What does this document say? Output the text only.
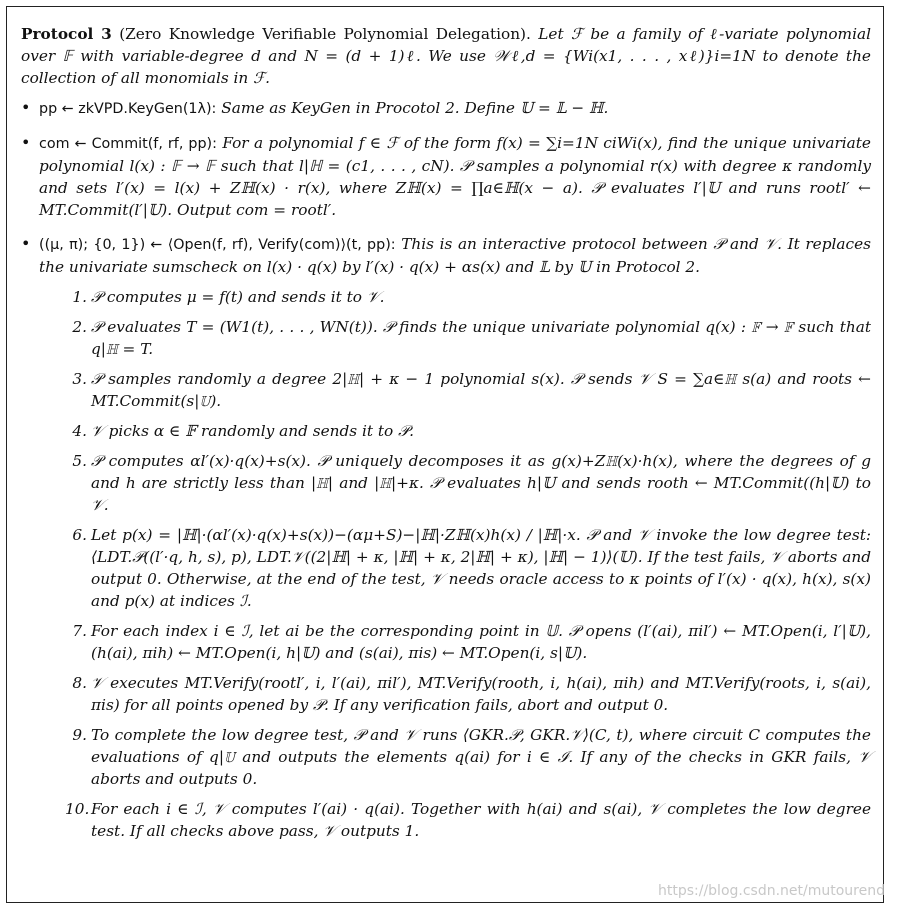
Protocol 3 (Zero Knowledge Verifiable Polynomial Delegation). Let ℱ be a family of ℓ-variate polynomial over 𝔽 with variable-degree d and N = (d + 1)ℓ. We use 𝒲ℓ,d = {Wi(x1, . . . , xℓ)}i=1N to denote the collection of all monomials in ℱ.

• pp ← zkVPD.KeyGen(1λ): Same as KeyGen in Procotol 2. Define 𝕌 = 𝕃 − ℍ.
• com ← Commit(f, rf, pp): For a polynomial f ∈ ℱ of the form f(x) = ∑i=1N ciWi(x), find the unique univariate polynomial l(x) : 𝔽 → 𝔽 such that l|ℍ = (c1, . . . , cN). 𝒫 samples a polynomial r(x) with degree κ randomly and sets l′(x) = l(x) + Zℍ(x) · r(x), where Zℍ(x) = ∏a∈ℍ(x − a). 𝒫 evaluates l′|𝕌 and runs rootl′ ← MT.Commit(l′|𝕌). Output com = rootl′.
• ((μ, π); {0, 1}) ← ⟨Open(f, rf), Verify(com)⟩(t, pp): This is an interactive protocol between 𝒫 and 𝒱. It replaces the univariate sumscheck on l(x) · q(x) by l′(x) · q(x) + αs(x) and 𝕃 by 𝕌 in Protocol 2.
1. 𝒫 computes μ = f(t) and sends it to 𝒱.
2. 𝒫 evaluates T = (W1(t), . . . , WN(t)). 𝒫 finds the unique univariate polynomial q(x) : 𝔽 → 𝔽 such that q|ℍ = T.
3. 𝒫 samples randomly a degree 2|ℍ| + κ − 1 polynomial s(x). 𝒫 sends 𝒱 S = ∑a∈ℍ s(a) and roots ← MT.Commit(s|𝕌).
4. 𝒱 picks α ∈ 𝔽 randomly and sends it to 𝒫.
5. 𝒫 computes αl′(x)·q(x)+s(x). 𝒫 uniquely decomposes it as g(x)+Zℍ(x)·h(x), where the degrees of g and h are strictly less than |ℍ| and |ℍ|+κ. 𝒫 evaluates h|𝕌 and sends rooth ← MT.Commit((h|𝕌) to 𝒱.
6. Let p(x) = |ℍ|·(αl′(x)·q(x)+s(x))−(αμ+S)−|ℍ|·Zℍ(x)h(x) / |ℍ|·x. 𝒫 and 𝒱 invoke the low degree test: ⟨LDT.𝒫((l′·q, h, s), p), LDT.𝒱((2|ℍ| + κ, |ℍ| + κ, 2|ℍ| + κ), |ℍ| − 1)⟩(𝕌). If the test fails, 𝒱 aborts and output 0. Otherwise, at the end of the test, 𝒱 needs oracle access to κ points of l′(x) · q(x), h(x), s(x) and p(x) at indices ℐ.
7. For each index i ∈ ℐ, let ai be the corresponding point in 𝕌. 𝒫 opens (l′(ai), πil′) ← MT.Open(i, l′|𝕌), (h(ai), πih) ← MT.Open(i, h|𝕌) and (s(ai), πis) ← MT.Open(i, s|𝕌).
8. 𝒱 executes MT.Verify(rootl′, i, l′(ai), πil′), MT.Verify(rooth, i, h(ai), πih) and MT.Verify(roots, i, s(ai), πis) for all points opened by 𝒫. If any verification fails, abort and output 0.
9. To complete the low degree test, 𝒫 and 𝒱 runs ⟨GKR.𝒫, GKR.𝒱⟩(C, t), where circuit C computes the evaluations of q|𝕌 and outputs the elements q(ai) for i ∈ ℐ. If any of the checks in GKR fails, 𝒱 aborts and outputs 0.
10. For each i ∈ ℐ, 𝒱 computes l′(ai) · q(ai). Together with h(ai) and s(ai), 𝒱 completes the low degree test. If all checks above pass, 𝒱 outputs 1.
https://blog.csdn.net/mutourend
